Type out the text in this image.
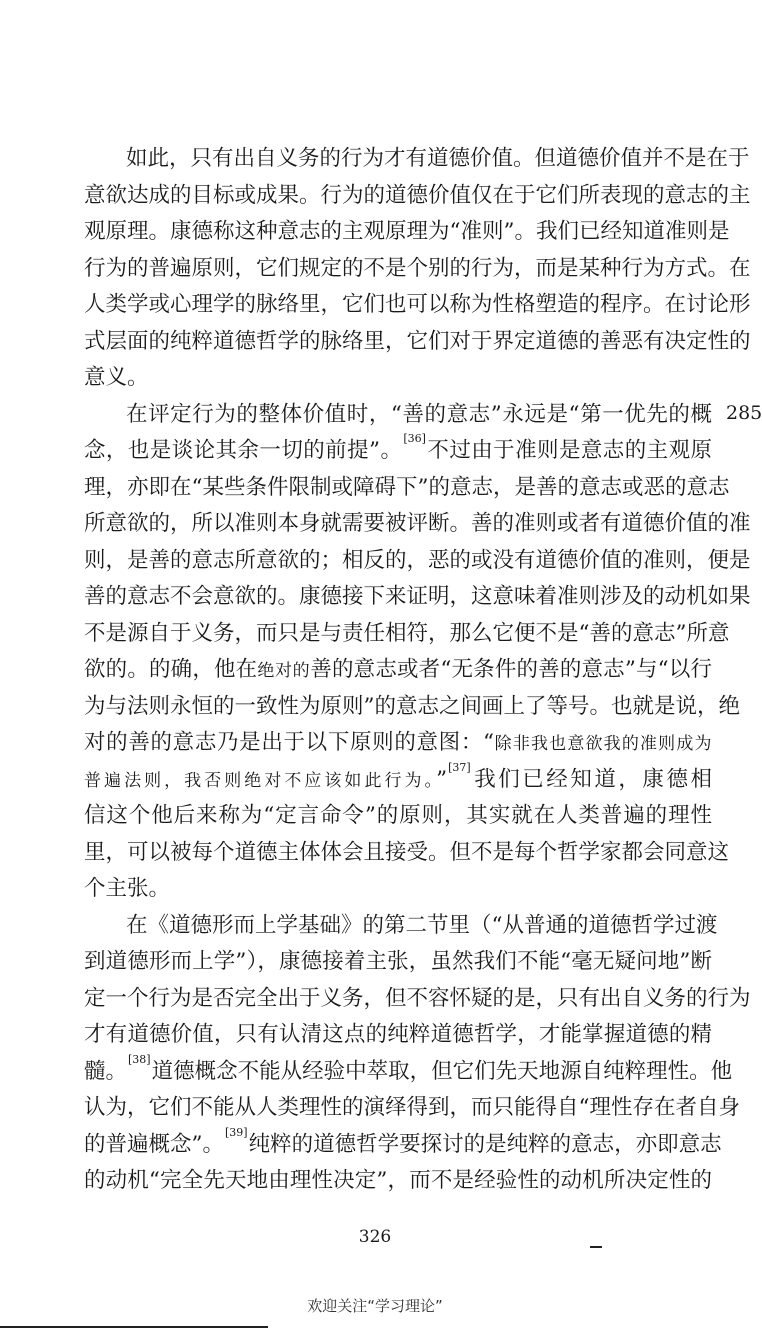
如此，只有出自义务的行为才有道德价值。但道德价值并不是在于
意欲达成的目标或成果。行为的道德价值仅在于它们所表现的意志的主
观原理。康德称这种意志的主观原理为“准则”。我们已经知道准则是
行为的普遍原则，它们规定的不是个别的行为，而是某种行为方式。在
人类学或心理学的脉络里，它们也可以称为性格塑造的程序。在讨论形
式层面的纯粹道德哲学的脉络里，它们对于界定道德的善恶有决定性的
意义。
在评定行为的整体价值时，“善的意志”永远是“第一优先的概
念，也是谈论其余一切的前提”。[36]不过由于准则是意志的主观原
理，亦即在“某些条件限制或障碍下”的意志，是善的意志或恶的意志
所意欲的，所以准则本身就需要被评断。善的准则或者有道德价值的准
则，是善的意志所意欲的；相反的，恶的或没有道德价值的准则，便是
善的意志不会意欲的。康德接下来证明，这意味着准则涉及的动机如果
不是源自于义务，而只是与责任相符，那么它便不是“善的意志”所意
欲的。的确，他在绝对的善的意志或者“无条件的善的意志”与“以行
为与法则永恒的一致性为原则”的意志之间画上了等号。也就是说，绝
对的善的意志乃是出于以下原则的意图：“除非我也意欲我的准则成为
普遍法则，我否则绝对不应该如此行为。”[37]我们已经知道，康德相
信这个他后来称为“定言命令”的原则，其实就在人类普遍的理性
里，可以被每个道德主体体会且接受。但不是每个哲学家都会同意这
个主张。
在《道德形而上学基础》的第二节里（“从普通的道德哲学过渡
到道德形而上学”），康德接着主张，虽然我们不能“毫无疑问地”断
定一个行为是否完全出于义务，但不容怀疑的是，只有出自义务的行为
才有道德价值，只有认清这点的纯粹道德哲学，才能掌握道德的精
髓。[38]道德概念不能从经验中萃取，但它们先天地源自纯粹理性。他
认为，它们不能从人类理性的演绎得到，而只能得自“理性存在者自身
的普遍概念”。[39]纯粹的道德哲学要探讨的是纯粹的意志，亦即意志
的动机“完全先天地由理性决定”，而不是经验性的动机所决定性的
285
326
欢迎关注“学习理论”
